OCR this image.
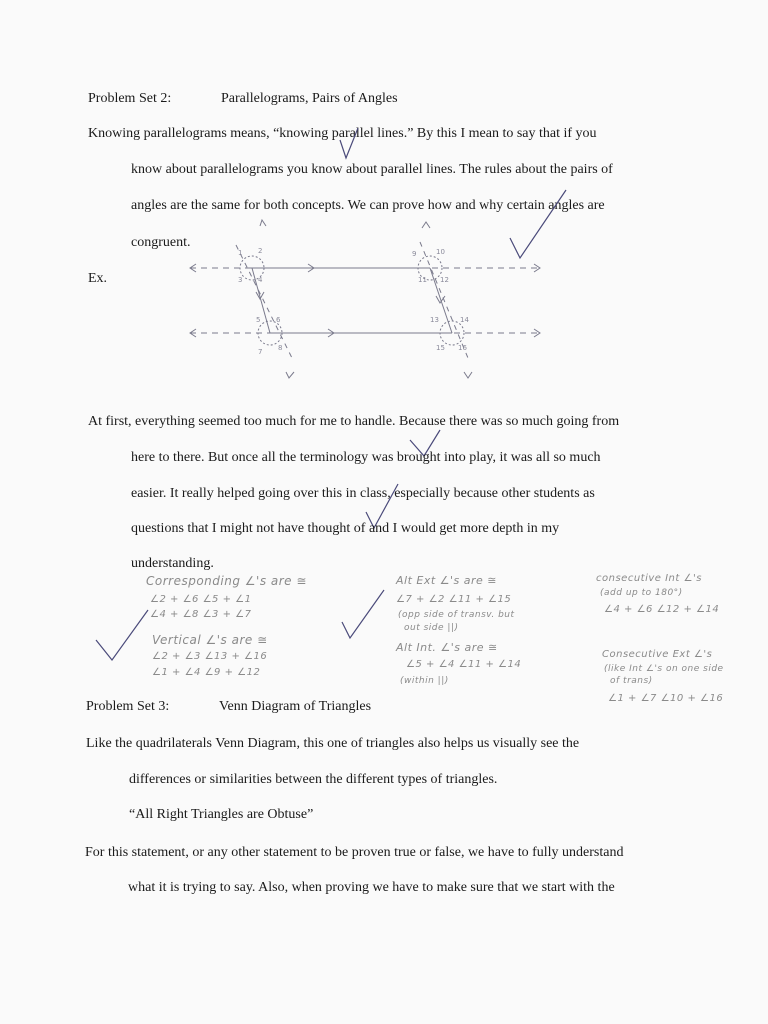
Problem Set 2:	Parallelograms, Pairs of Angles
Knowing parallelograms means, “knowing parallel lines.” By this I mean to say that if you
know about parallelograms you know about parallel lines. The rules about the pairs of
angles are the same for both concepts. We can prove how and why certain angles are
congruent.
Ex.
1 2
3 4
5 6
7 8
9	10
11 12
13	14
15 16
At first, everything seemed too much for me to handle. Because there was so much going from
here to there. But once all the terminology was brought into play, it was all so much
easier. It really helped going over this in class, especially because other students as
questions that I might not have thought of and I would get more depth in my
understanding.
Corresponding ∠'s are ≅
∠2 + ∠6 ∠5 + ∠1
∠4 + ∠8 ∠3 + ∠7
Vertical ∠'s are ≅
∠2 + ∠3 ∠13 + ∠16
∠1 + ∠4 ∠9 + ∠12
Alt Ext ∠'s are ≅
∠7 + ∠2 ∠11 + ∠15
(opp side of transv. but
out side ||)
Alt Int. ∠'s are ≅
∠5 + ∠4 ∠11 + ∠14
(within ||)
consecutive Int ∠'s
(add up to 180°)
∠4 + ∠6 ∠12 + ∠14
Consecutive Ext ∠'s
(like Int ∠'s on one side
of trans)
∠1 + ∠7 ∠10 + ∠16
Problem Set 3:	Venn Diagram of Triangles
Like the quadrilaterals Venn Diagram, this one of triangles also helps us visually see the
differences or similarities between the different types of triangles.
“All Right Triangles are Obtuse”
For this statement, or any other statement to be proven true or false, we have to fully understand
what it is trying to say. Also, when proving we have to make sure that we start with the
